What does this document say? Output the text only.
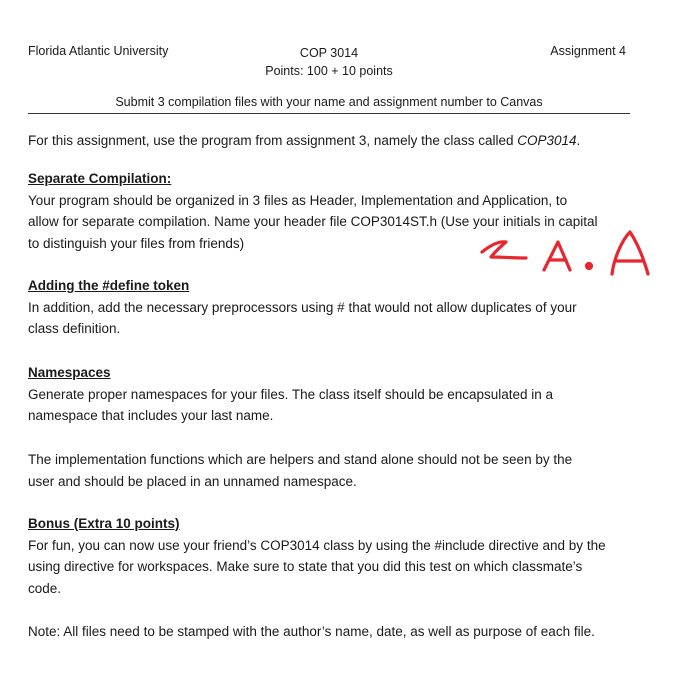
Florida Atlantic University	COP 3014
Points: 100 + 10 points
Assignment 4
Submit 3 compilation files with your name and assignment number to Canvas
For this assignment, use the program from assignment 3, namely the class called COP3014.
Separate Compilation:
Your program should be organized in 3 files as Header, Implementation and Application, to
allow for separate compilation. Name your header file COP3014ST.h (Use your initials in capital
to distinguish your files from friends)
Adding the #define token
In addition, add the necessary preprocessors using # that would not allow duplicates of your
class definition.
Namespaces
Generate proper namespaces for your files. The class itself should be encapsulated in a
namespace that includes your last name.
The implementation functions which are helpers and stand alone should not be seen by the
user and should be placed in an unnamed namespace.
Bonus (Extra 10 points)
For fun, you can now use your friend’s COP3014 class by using the #include directive and by the
using directive for workspaces. Make sure to state that you did this test on which classmate’s
code.
Note: All files need to be stamped with the author’s name, date, as well as purpose of each file.
